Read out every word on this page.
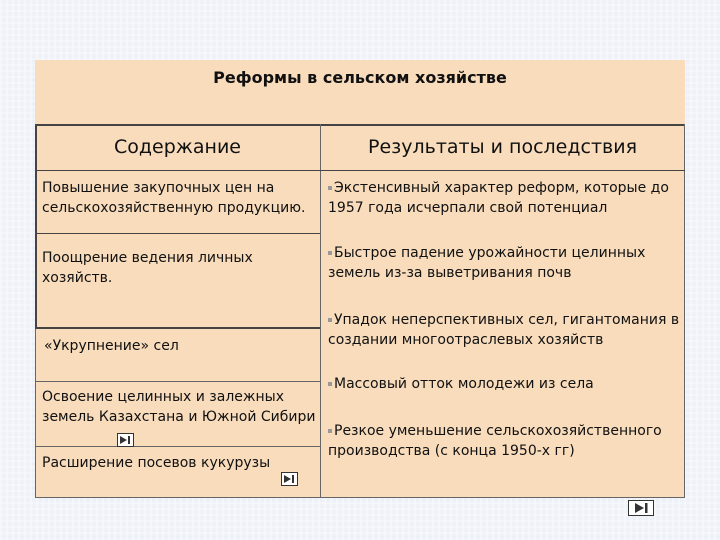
Реформы в сельском хозяйстве
Содержание	Результаты и последствия
Повышение закупочных цен на сельскохозяйственную продукцию.
Поощрение ведения личных хозяйств.
«Укрупнение» сел
Освоение целинных и залежных земель Казахстана и Южной Сибири
Расширение посевов кукурузы
Экстенсивный характер реформ, которые до 1957 года исчерпали свой потенциал
Быстрое падение урожайности целинных земель из-за выветривания почв
Упадок неперспективных сел, гигантомания в создании многоотраслевых хозяйств
Массовый отток молодежи из села
Резкое уменьшение сельскохозяйственного производства (с конца 1950-х гг)
